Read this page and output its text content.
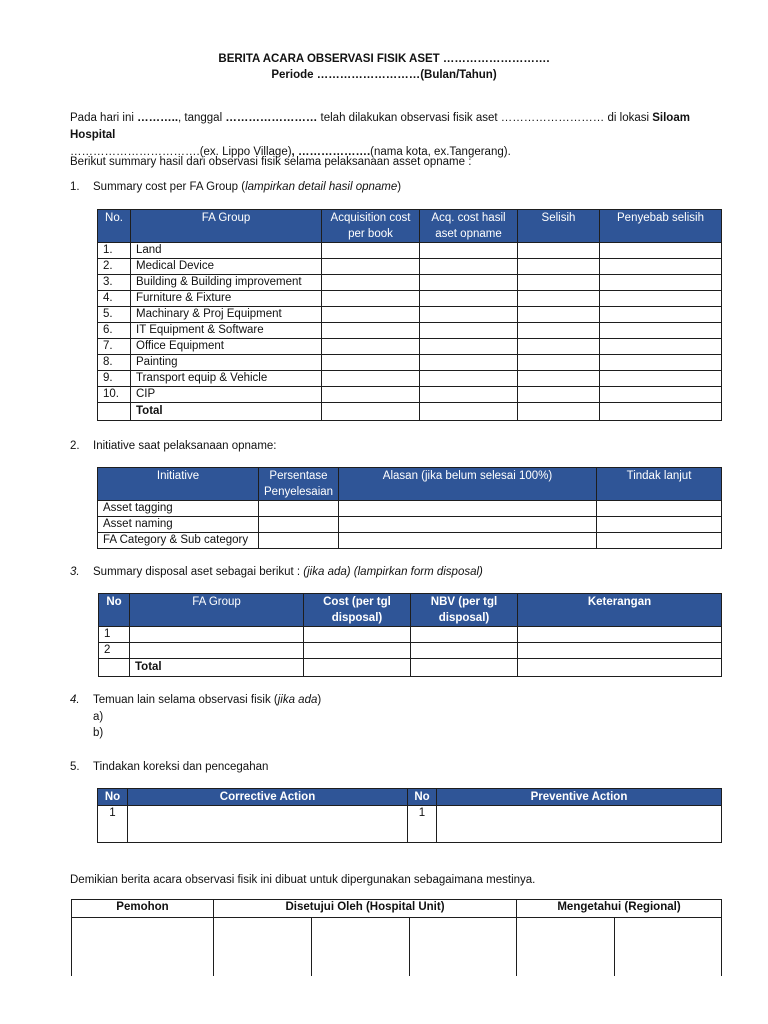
BERITA ACARA OBSERVASI FISIK ASET ……………………….
Periode ………………………(Bulan/Tahun)
Pada hari ini ……….., tanggal …………………… telah dilakukan observasi fisik aset ……………………… di lokasi Siloam Hospital
…………………………….(ex. Lippo Village), ……………….(nama kota, ex.Tangerang).
Berikut summary hasil dari observasi fisik selama pelaksanaan asset opname :
1. Summary cost per FA Group (lampirkan detail hasil opname)
No.	FA Group	Acquisition cost per book	Acq. cost hasil aset opname	Selisih	Penyebab selisih
1.	Land				
2.	Medical Device				
3.	Building & Building improvement				
4.	Furniture & Fixture				
5.	Machinary & Proj Equipment				
6.	IT Equipment & Software				
7.	Office Equipment				
8.	Painting				
9.	Transport equip & Vehicle				
10.	CIP				
	Total				
2. Initiative saat pelaksanaan opname:
Initiative	Persentase Penyelesaian	Alasan (jika belum selesai 100%)	Tindak lanjut
Asset tagging			
Asset naming			
FA Category & Sub category			
3. Summary disposal aset sebagai berikut : (jika ada) (lampirkan form disposal)
No	FA Group	Cost (per tgl disposal)	NBV (per tgl disposal)	Keterangan
1				
2				
	Total			
4. Temuan lain selama observasi fisik (jika ada)
a)
b)
5. Tindakan koreksi dan pencegahan
No	Corrective Action	No	Preventive Action
1		1	
Demikian berita acara observasi fisik ini dibuat untuk dipergunakan sebagaimana mestinya.
Pemohon	Disetujui Oleh (Hospital Unit)			Mengetahui (Regional)	
